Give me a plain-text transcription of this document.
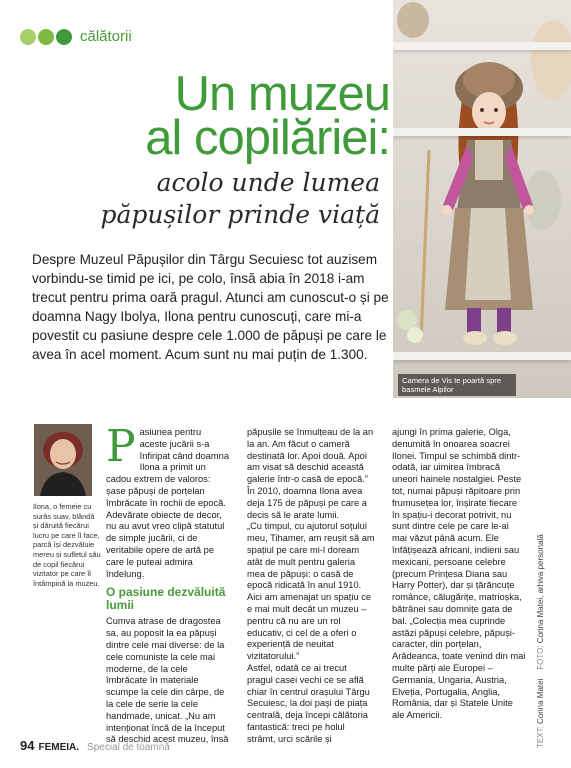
călătorii
Un muzeu
al copilăriei:
acolo unde lumea
păpușilor prinde viață
Despre Muzeul Păpușilor din Târgu Secuiesc tot auzisem vorbindu-se timid pe ici, pe colo, însă abia în 2018 i-am trecut pentru prima oară pragul. Atunci am cunoscut-o și pe doamna Nagy Ibolya, Ilona pentru cunoscuți, care mi-a povestit cu pasiune despre cele 1.000 de păpuși pe care le avea în acel moment. Acum sunt nu mai puțin de 1.300.
Camera de Vis te poartă spre basmele Alpilor
Ilona, o femeie cu surâs suav, blândă și dăruită fiecărui lucru pe care îl face, parcă își dezvăluie mereu și sufletul său de copil fiecărui vizitator pe care îl întâmpină la muzeu.

Pasiunea pentru aceste jucării s-a înfiripat când doamna Ilona a primit un cadou extrem de valoros: șase păpuși de porțelan îmbrăcate în rochii de epocă. Adevărate obiecte de decor, nu au avut vreo clipă statutul de simple jucării, ci de veritabile opere de artă pe care le puteai admira îndelung.

O pasiune dezvăluită lumii

Cumva atrase de dragostea sa, au poposit la ea păpuși dintre cele mai diverse: de la cele comuniste la cele mai moderne, de la cele îmbrăcate în materiale scumpe la cele din cârpe, de la cele de serie la cele handmade, unicat. „Nu am intenționat încă de la început să deschid acest muzeu, însă

păpușile se înmulțeau de la an la an. Am făcut o cameră destinată lor. Apoi două. Apoi am visat să deschid această galerie într-o casă de epocă.” În 2010, doamna Ilona avea deja 175 de păpuși pe care a decis să le arate lumii.

„Cu timpul, cu ajutorul soțului meu, Tihamer, am reușit să am spațiul pe care mi-l doream atât de mult pentru galeria mea de păpuși: o casă de epocă ridicată în anul 1910. Aici am amenajat un spațiu ce e mai mult decât un muzeu – pentru că nu are un rol educativ, ci cel de a oferi o experiență de neuitat vizitatorului.”

Astfel, odată ce ai trecut pragul casei vechi ce se află chiar în centrul orașului Târgu Secuiesc, la doi pași de piața centrală, deja începi călătoria fantastică: treci pe holul strâmt, urci scările și

ajungi în prima galerie, Olga, denumită în onoarea soacrei Ilonei. Timpul se schimbă dintr-odată, iar uimirea îmbracă uneori hainele nostalgiei. Peste tot, numai păpuși răpitoare prin frumusețea lor, înșirate fiecare în spațiu-i decorat potrivit, nu sunt dintre cele pe care le-ai mai văzut până acum. Ele înfățișează africani, indieni sau mexicani, persoane celebre (precum Prințesa Diana sau Harry Potter), dar și țărăncuțe românce, călugărițe, matrioșka, bătrânei sau domnițe gata de bal. „Colecția mea cuprinde astăzi păpuși celebre, păpuși-caracter, din porțelan, Arădeanca, toate venind din mai multe părți ale Europei – Germania, Ungaria, Austria, Elveția, Portugalia, Anglia, România, dar și Statele Unite ale Americii.

TEXT: Corina Matei    FOTO: Corina Matei, arhiva personală
94 FEMEIA. Special de toamnă
